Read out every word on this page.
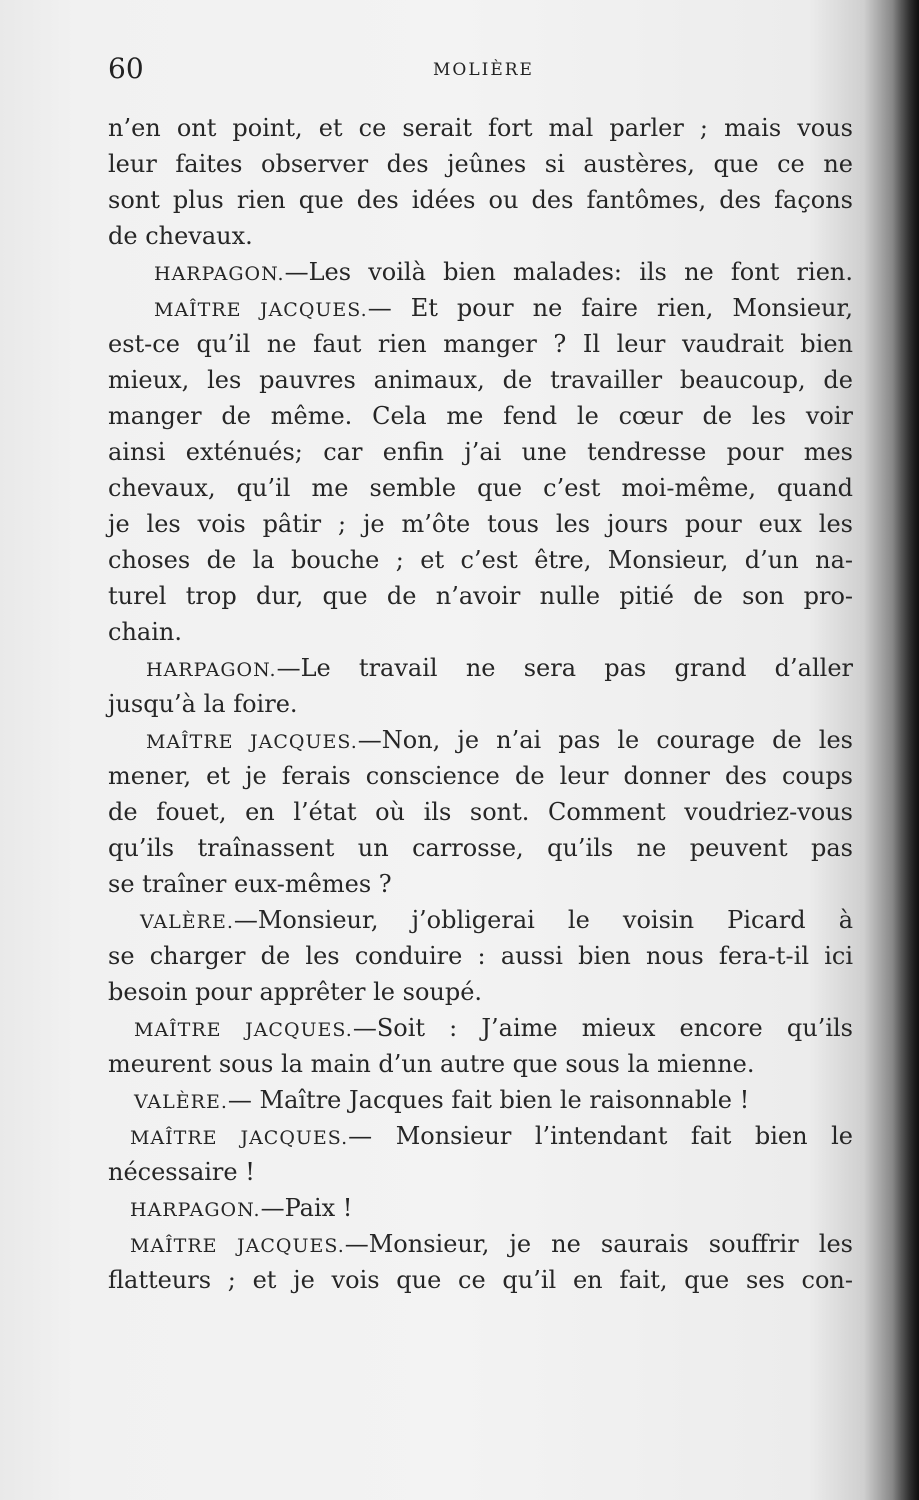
60	MOLIÈRE
n’en ont point, et ce serait fort mal parler ; mais vous
leur faites observer des jeûnes si austères, que ce ne
sont plus rien que des idées ou des fantômes, des façons
de chevaux.
HARPAGON.—Les voilà bien malades: ils ne font rien.
MAÎTRE JACQUES.— Et pour ne faire rien, Monsieur,
est-ce qu’il ne faut rien manger ? Il leur vaudrait bien
mieux, les pauvres animaux, de travailler beaucoup, de
manger de même. Cela me fend le cœur de les voir
ainsi exténués; car enfin j’ai une tendresse pour mes
chevaux, qu’il me semble que c’est moi-même, quand
je les vois pâtir ; je m’ôte tous les jours pour eux les
choses de la bouche ; et c’est être, Monsieur, d’un na-
turel trop dur, que de n’avoir nulle pitié de son pro-
chain.
HARPAGON.—Le travail ne sera pas grand d’aller
jusqu’à la foire.
MAÎTRE JACQUES.—Non, je n’ai pas le courage de les
mener, et je ferais conscience de leur donner des coups
de fouet, en l’état où ils sont. Comment voudriez-vous
qu’ils traînassent un carrosse, qu’ils ne peuvent pas
se traîner eux-mêmes ?
VALÈRE.—Monsieur, j’obligerai le voisin Picard à
se charger de les conduire : aussi bien nous fera-t-il ici
besoin pour apprêter le soupé.
MAÎTRE JACQUES.—Soit : J’aime mieux encore qu’ils
meurent sous la main d’un autre que sous la mienne.
VALÈRE.— Maître Jacques fait bien le raisonnable !
MAÎTRE JACQUES.— Monsieur l’intendant fait bien le
nécessaire !
HARPAGON.—Paix !
MAÎTRE JACQUES.—Monsieur, je ne saurais souffrir les
flatteurs ; et je vois que ce qu’il en fait, que ses con-
